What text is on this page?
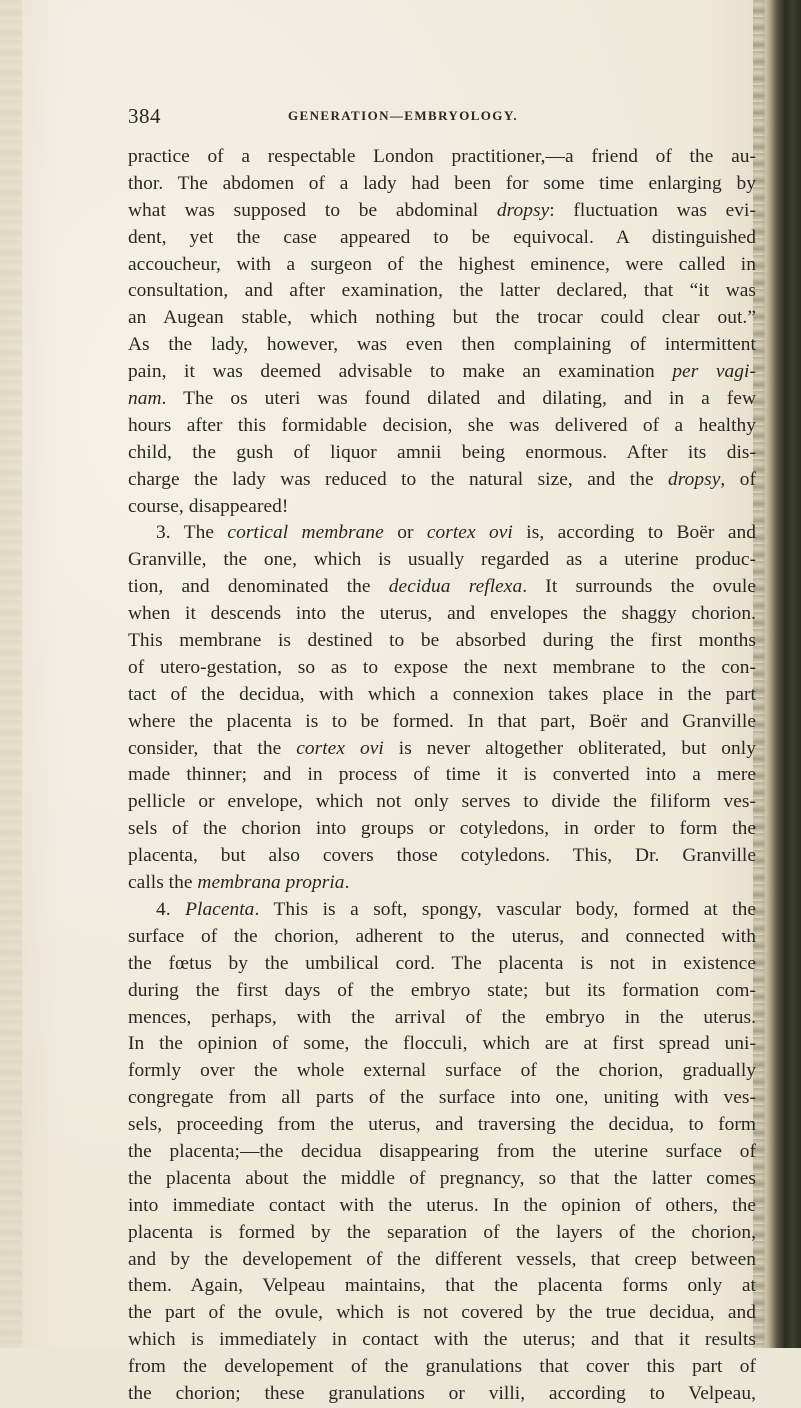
384	GENERATION—EMBRYOLOGY.
practice of a respectable London practitioner,—a friend of the au-
thor. The abdomen of a lady had been for some time enlarging by
what was supposed to be abdominal dropsy: fluctuation was evi-
dent, yet the case appeared to be equivocal. A distinguished
accoucheur, with a surgeon of the highest eminence, were called in
consultation, and after examination, the latter declared, that “it was
an Augean stable, which nothing but the trocar could clear out.”
As the lady, however, was even then complaining of intermittent
pain, it was deemed advisable to make an examination per vagi-
nam. The os uteri was found dilated and dilating, and in a few
hours after this formidable decision, she was delivered of a healthy
child, the gush of liquor amnii being enormous. After its dis-
charge the lady was reduced to the natural size, and the dropsy, of
course, disappeared!
3. The cortical membrane or cortex ovi is, according to Boër and
Granville, the one, which is usually regarded as a uterine produc-
tion, and denominated the decidua reflexa. It surrounds the ovule
when it descends into the uterus, and envelopes the shaggy chorion.
This membrane is destined to be absorbed during the first months
of utero-gestation, so as to expose the next membrane to the con-
tact of the decidua, with which a connexion takes place in the part
where the placenta is to be formed. In that part, Boër and Granville
consider, that the cortex ovi is never altogether obliterated, but only
made thinner; and in process of time it is converted into a mere
pellicle or envelope, which not only serves to divide the filiform ves-
sels of the chorion into groups or cotyledons, in order to form the
placenta, but also covers those cotyledons. This, Dr. Granville
calls the membrana propria.
4. Placenta. This is a soft, spongy, vascular body, formed at the
surface of the chorion, adherent to the uterus, and connected with
the fœtus by the umbilical cord. The placenta is not in existence
during the first days of the embryo state; but its formation com-
mences, perhaps, with the arrival of the embryo in the uterus.
In the opinion of some, the flocculi, which are at first spread uni-
formly over the whole external surface of the chorion, gradually
congregate from all parts of the surface into one, uniting with ves-
sels, proceeding from the uterus, and traversing the decidua, to form
the placenta;—the decidua disappearing from the uterine surface of
the placenta about the middle of pregnancy, so that the latter comes
into immediate contact with the uterus. In the opinion of others, the
placenta is formed by the separation of the layers of the chorion,
and by the developement of the different vessels, that creep between
them. Again, Velpeau maintains, that the placenta forms only at
the part of the ovule, which is not covered by the true decidua, and
which is immediately in contact with the uterus; and that it results
from the developement of the granulations that cover this part of
the chorion; these granulations or villi, according to Velpeau,
